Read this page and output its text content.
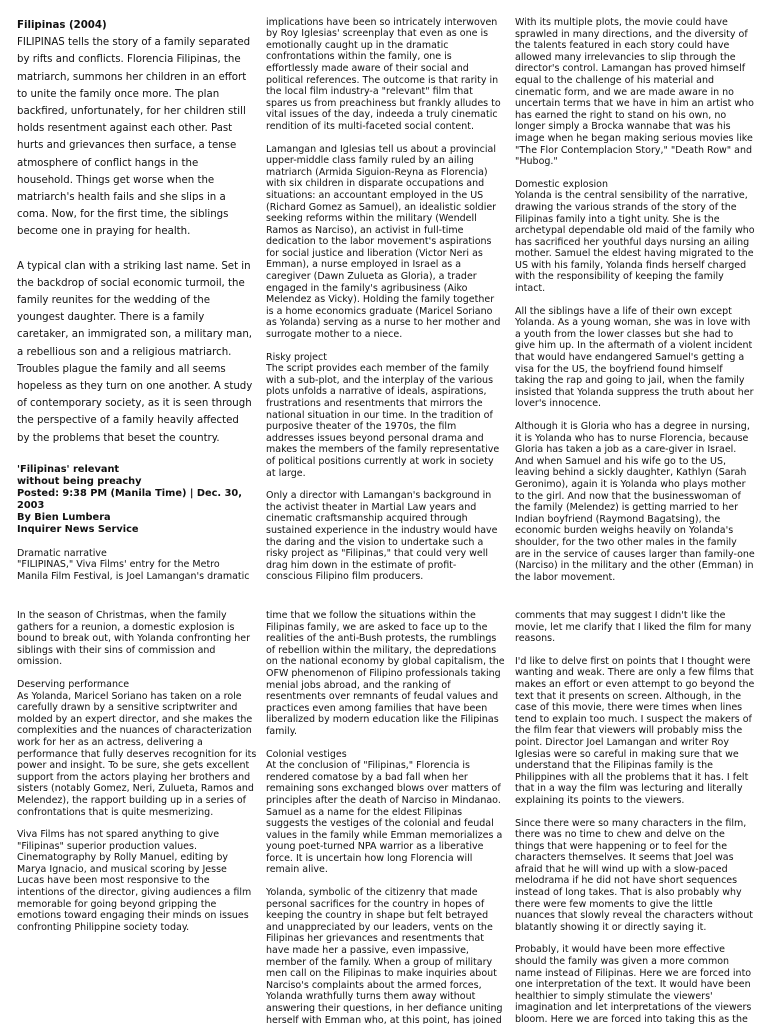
Filipinas (2004)

FILIPINAS tells the story of a family separated by rifts and conflicts. Florencia Filipinas, the matriarch, summons her children in an effort to unite the family once more. The plan backfired, unfortunately, for her children still holds resentment against each other. Past hurts and grievances then surface, a tense atmosphere of conflict hangs in the household. Things get worse when the matriarch's health fails and she slips in a coma. Now, for the first time, the siblings become one in praying for health.

A typical clan with a striking last name. Set in the backdrop of social economic turmoil, the family reunites for the wedding of the youngest daughter. There is a family caretaker, an immigrated son, a military man, a rebellious son and a religious matriarch. Troubles plague the family and all seems hopeless as they turn on one another. A study of contemporary society, as it is seen through the perspective of a family heavily affected by the problems that beset the country.

'Filipinas' relevant
without being preachy
Posted: 9:38 PM (Manila Time) | Dec. 30, 2003
By Bien Lumbera
Inquirer News Service

Dramatic narrative

"FILIPINAS," Viva Films' entry for the Metro Manila Film Festival, is Joel Lamangan's dramatic

implications have been so intricately interwoven by Roy Iglesias' screenplay that even as one is emotionally caught up in the dramatic confrontations within the family, one is effortlessly made aware of their social and political references. The outcome is that rarity in the local film industry-a "relevant" film that spares us from preachiness but frankly alludes to vital issues of the day, indeeda a truly cinematic rendition of its multi-faceted social content.

Lamangan and Iglesias tell us about a provincial upper-middle class family ruled by an ailing matriarch (Armida Siguion-Reyna as Florencia) with six children in disparate occupations and situations: an accountant employed in the US (Richard Gomez as Samuel), an idealistic soldier seeking reforms within the military (Wendell Ramos as Narciso), an activist in full-time dedication to the labor movement's aspirations for social justice and liberation (Victor Neri as Emman), a nurse employed in Israel as a caregiver (Dawn Zulueta as Gloria), a trader engaged in the family's agribusiness (Aiko Melendez as Vicky). Holding the family together is a home economics graduate (Maricel Soriano as Yolanda) serving as a nurse to her mother and surrogate mother to a niece.

Risky project

The script provides each member of the family with a sub-plot, and the interplay of the various plots unfolds a narrative of ideals, aspirations, frustrations and resentments that mirrors the national situation in our time. In the tradition of purposive theater of the 1970s, the film addresses issues beyond personal drama and makes the members of the family representative of political positions currently at work in society at large.

Only a director with Lamangan's background in the activist theater in Martial Law years and cinematic craftsmanship acquired through sustained experience in the industry would have the daring and the vision to undertake such a risky project as "Filipinas," that could very well drag him down in the estimate of profit-conscious Filipino film producers.

With its multiple plots, the movie could have sprawled in many directions, and the diversity of the talents featured in each story could have allowed many irrelevancies to slip through the director's control. Lamangan has proved himself equal to the challenge of his material and cinematic form, and we are made aware in no uncertain terms that we have in him an artist who has earned the right to stand on his own, no longer simply a Brocka wannabe that was his image when he began making serious movies like "The Flor Contemplacion Story," "Death Row" and "Hubog."

Domestic explosion

Yolanda is the central sensibility of the narrative, drawing the various strands of the story of the Filipinas family into a tight unity. She is the archetypal dependable old maid of the family who has sacrificed her youthful days nursing an ailing mother. Samuel the eldest having migrated to the US with his family, Yolanda finds herself charged with the responsibility of keeping the family intact.

All the siblings have a life of their own except Yolanda. As a young woman, she was in love with a youth from the lower classes but she had to give him up. In the aftermath of a violent incident that would have endangered Samuel's getting a visa for the US, the boyfriend found himself taking the rap and going to jail, when the family insisted that Yolanda suppress the truth about her lover's innocence.

Although it is Gloria who has a degree in nursing, it is Yolanda who has to nurse Florencia, because Gloria has taken a job as a care-giver in Israel. And when Samuel and his wife go to the US, leaving behind a sickly daughter, Kathlyn (Sarah Geronimo), again it is Yolanda who plays mother to the girl. And now that the businesswoman of the family (Melendez) is getting married to her Indian boyfriend (Raymond Bagatsing), the economic burden weighs heavily on Yolanda's shoulder, for the two other males in the family are in the service of causes larger than family-one (Narciso) in the military and the other (Emman) in the labor movement.

In the season of Christmas, when the family gathers for a reunion, a domestic explosion is bound to break out, with Yolanda confronting her siblings with their sins of commission and omission.

Deserving performance

As Yolanda, Maricel Soriano has taken on a role carefully drawn by a sensitive scriptwriter and molded by an expert director, and she makes the complexities and the nuances of characterization work for her as an actress, delivering a performance that fully deserves recognition for its power and insight. To be sure, she gets excellent support from the actors playing her brothers and sisters (notably Gomez, Neri, Zulueta, Ramos and Melendez), the rapport building up in a series of confrontations that is quite mesmerizing.

Viva Films has not spared anything to give "Filipinas" superior production values. Cinematography by Rolly Manuel, editing by Marya Ignacio, and musical scoring by Jesse Lucas have been most responsive to the intentions of the director, giving audiences a film memorable for going beyond gripping the emotions toward engaging their minds on issues confronting Philippine society today.

time that we follow the situations within the Filipinas family, we are asked to face up to the realities of the anti-Bush protests, the rumblings of rebellion within the military, the depredations on the national economy by global capitalism, the OFW phenomenon of Filipino professionals taking menial jobs abroad, and the ranking of resentments over remnants of feudal values and practices even among families that have been liberalized by modern education like the Filipinas family.

Colonial vestiges

At the conclusion of "Filipinas," Florencia is rendered comatose by a bad fall when her remaining sons exchanged blows over matters of principles after the death of Narciso in Mindanao. Samuel as a name for the eldest Filipinas suggests the vestiges of the colonial and feudal values in the family while Emman memorializes a young poet-turned NPA warrior as a liberative force. It is uncertain how long Florencia will remain alive.

Yolanda, symbolic of the citizenry that made personal sacrifices for the country in hopes of keeping the country in shape but felt betrayed and unappreciated by our leaders, vents on the Filipinas her grievances and resentments that have made her a passive, even impassive, member of the family. When a group of military men call on the Filipinas to make inquiries about Narciso's complaints about the armed forces, Yolanda wrathfully turns them away without answering their questions, in her defiance uniting herself with Emman who, at this point, has joined

comments that may suggest I didn't like the movie, let me clarify that I liked the film for many reasons.

I'd like to delve first on points that I thought were wanting and weak. There are only a few films that makes an effort or even attempt to go beyond the text that it presents on screen. Although, in the case of this movie, there were times when lines tend to explain too much. I suspect the makers of the film fear that viewers will probably miss the point. Director Joel Lamangan and writer Roy Iglesias were so careful in making sure that we understand that the Filipinas family is the Philippines with all the problems that it has. I felt that in a way the film was lecturing and literally explaining its points to the viewers.

Since there were so many characters in the film, there was no time to chew and delve on the things that were happening or to feel for the characters themselves. It seems that Joel was afraid that he will wind up with a slow-paced melodrama if he did not have short sequences instead of long takes. That is also probably why there were few moments to give the little nuances that slowly reveal the characters without blatantly showing it or directly saying it.

Probably, it would have been more effective should the family was given a more common name instead of Filipinas. Here we are forced into one interpretation of the text. It would have been healthier to simply stimulate the viewers' imagination and let interpretations of the viewers bloom. Here we are forced into taking this as the
